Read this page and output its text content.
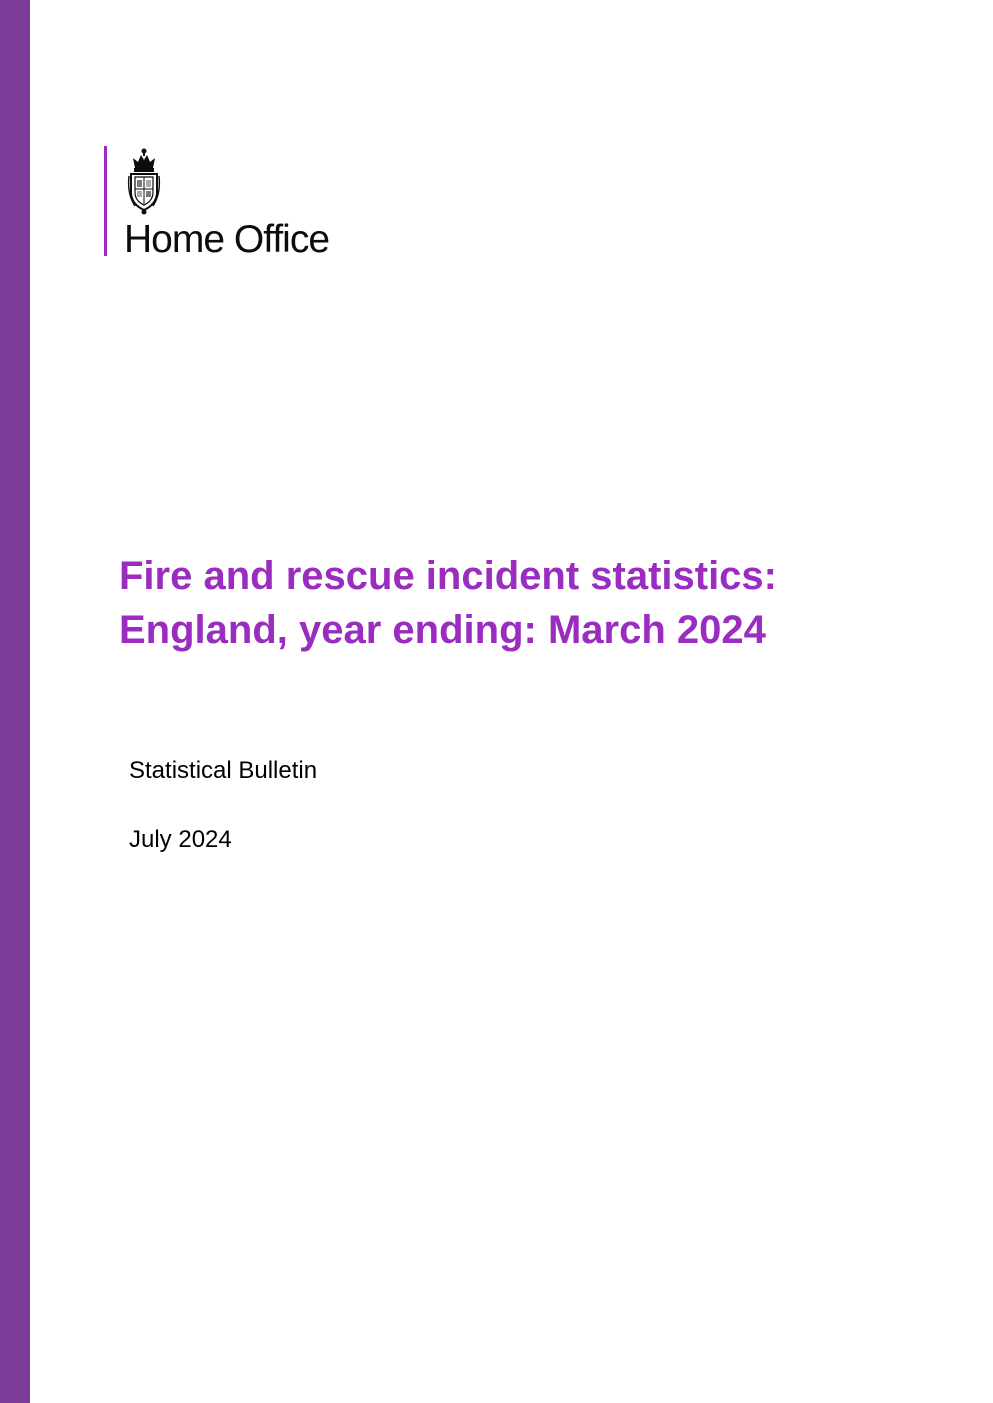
Home Office
Fire and rescue incident statistics:
England, year ending: March 2024
Statistical Bulletin
July 2024
